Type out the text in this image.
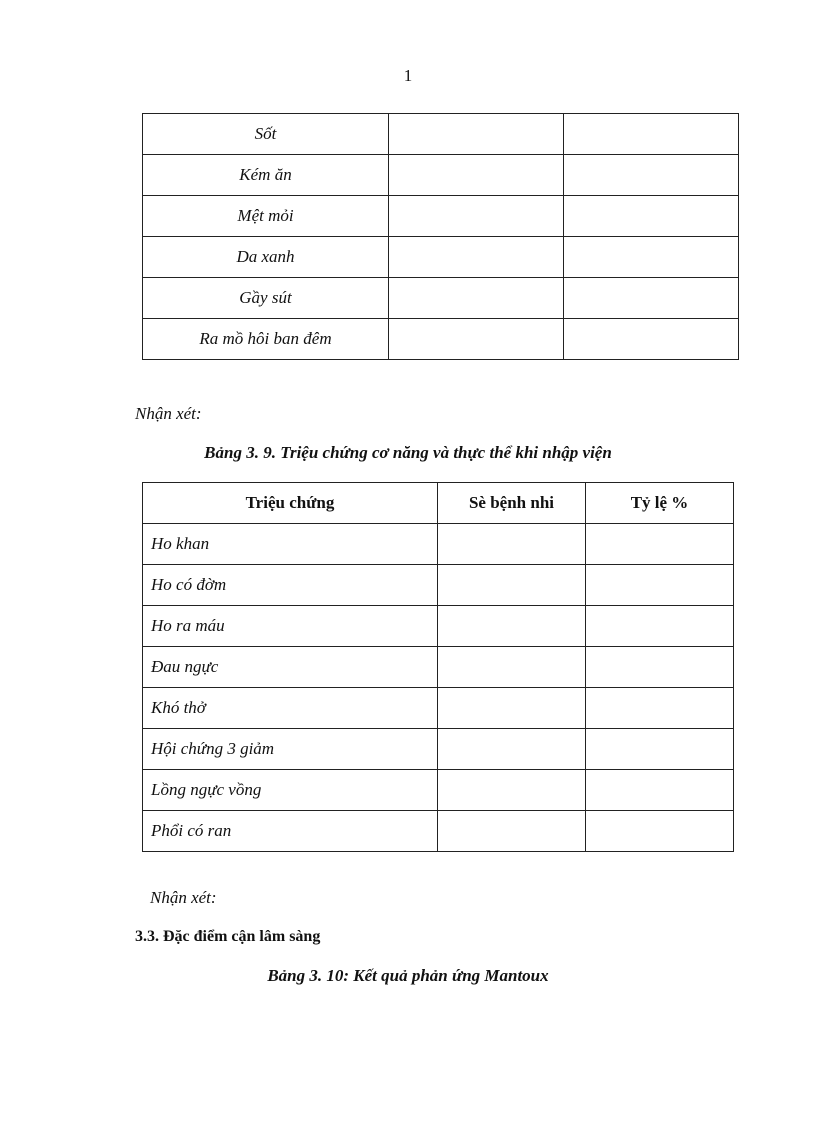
1
Sốt		
Kém ăn		
Mệt mỏi		
Da xanh		
Gầy sút		
Ra mồ hôi ban đêm		
Nhận xét:
Bảng 3. 9. Triệu chứng cơ năng và thực thể khi nhập viện
Triệu chứng	Sè bệnh nhi	Tỷ lệ %
Ho khan		
Ho có đờm		
Ho ra máu		
Đau ngực		
Khó thở		
Hội chứng 3 giảm		
Lồng ngực vồng		
Phổi có ran		
Nhận xét:
3.3. Đặc điểm cận lâm sàng
Bảng 3. 10: Kết quả phản ứng Mantoux
